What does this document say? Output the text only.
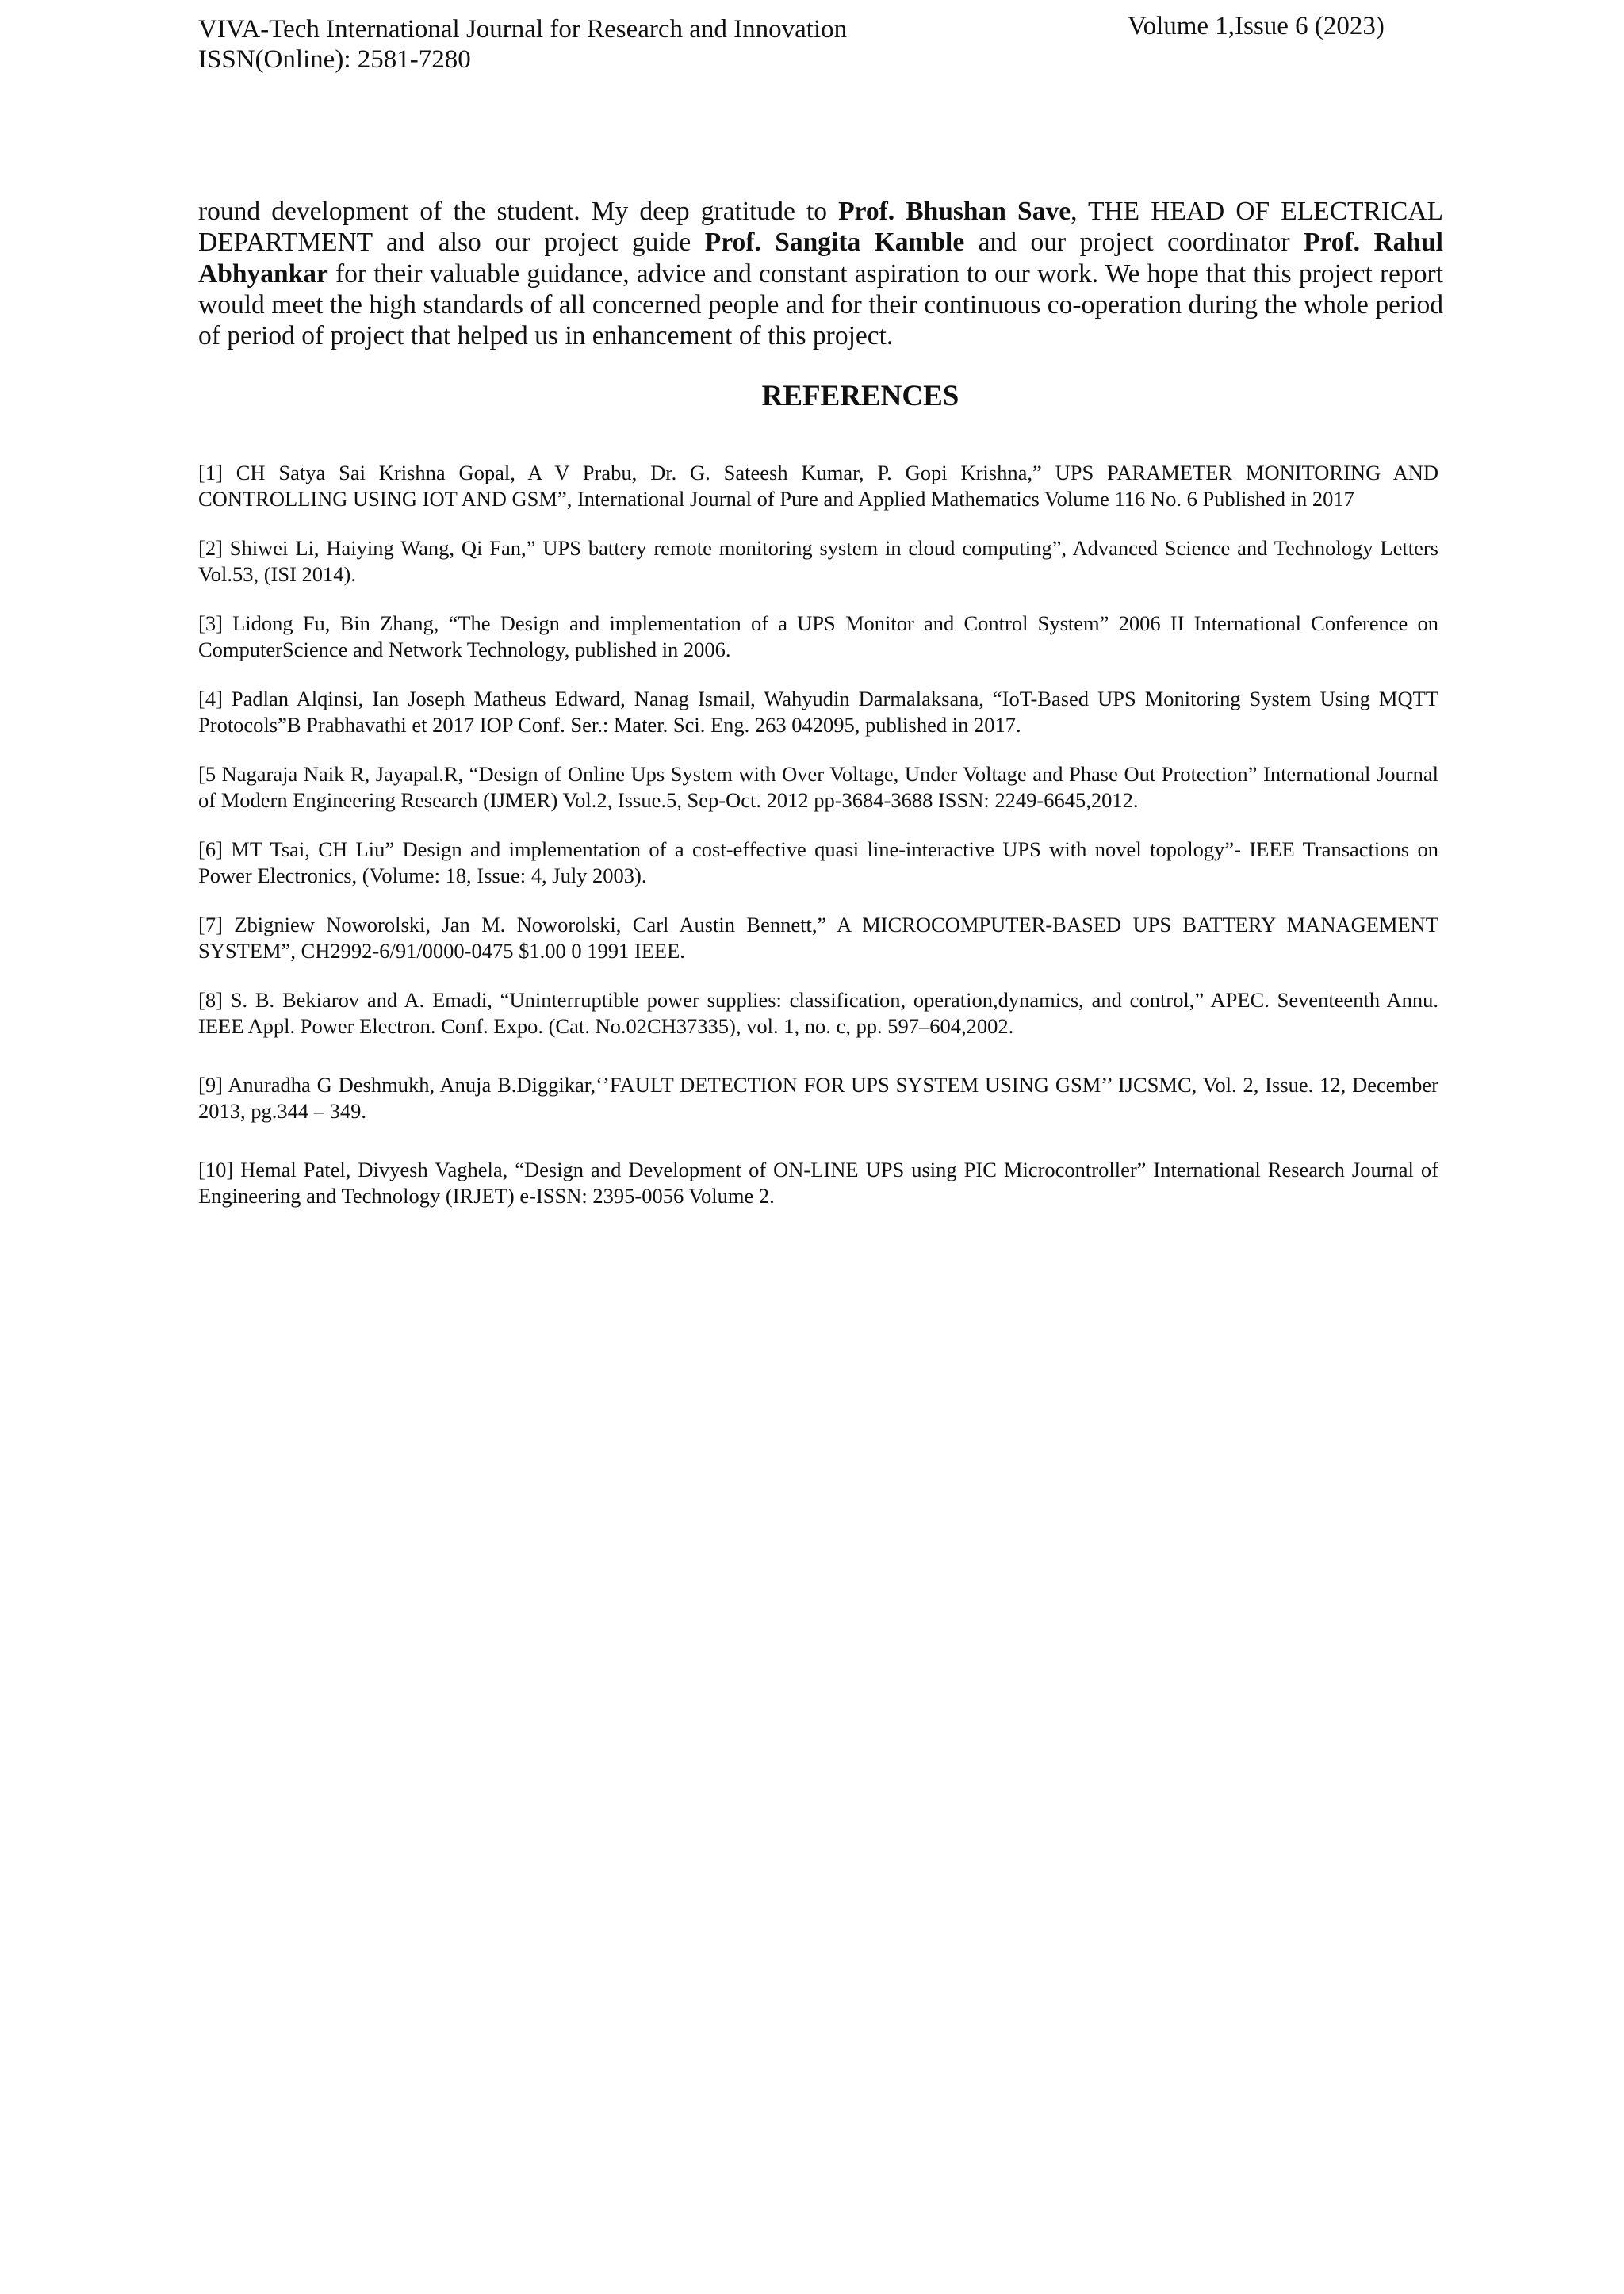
VIVA-Tech International Journal for Research and Innovation
ISSN(Online): 2581-7280
Volume 1,Issue 6 (2023)

round development of the student. My deep gratitude to Prof. Bhushan Save, THE HEAD OF ELECTRICAL DEPARTMENT and also our project guide Prof. Sangita Kamble and our project coordinator Prof. Rahul Abhyankar for their valuable guidance, advice and constant aspiration to our work. We hope that this project report would meet the high standards of all concerned people and for their continuous co-operation during the whole period of period of project that helped us in enhancement of this project.

REFERENCES
[1] CH Satya Sai Krishna Gopal, A V Prabu, Dr. G. Sateesh Kumar, P. Gopi Krishna,” UPS PARAMETER MONITORING AND CONTROLLING USING IOT AND GSM”, International Journal of Pure and Applied Mathematics Volume 116 No. 6 Published in 2017
[2] Shiwei Li, Haiying Wang, Qi Fan,” UPS battery remote monitoring system in cloud computing”, Advanced Science and Technology Letters Vol.53, (ISI 2014).
[3] Lidong Fu, Bin Zhang, “The Design and implementation of a UPS Monitor and Control System” 2006 II International Conference on ComputerScience and Network Technology, published in 2006.
[4] Padlan Alqinsi, Ian Joseph Matheus Edward, Nanag Ismail, Wahyudin Darmalaksana, “IoT-Based UPS Monitoring System Using MQTT Protocols”B Prabhavathi et 2017 IOP Conf. Ser.: Mater. Sci. Eng. 263 042095, published in 2017.
[5 Nagaraja Naik R, Jayapal.R, “Design of Online Ups System with Over Voltage, Under Voltage and Phase Out Protection” International Journal of Modern Engineering Research (IJMER) Vol.2, Issue.5, Sep-Oct. 2012 pp-3684-3688 ISSN: 2249-6645,2012.
[6] MT Tsai, CH Liu” Design and implementation of a cost-effective quasi line-interactive UPS with novel topology”- IEEE Transactions on Power Electronics, (Volume: 18, Issue: 4, July 2003).
[7] Zbigniew Noworolski, Jan M. Noworolski, Carl Austin Bennett,” A MICROCOMPUTER-BASED UPS BATTERY MANAGEMENT SYSTEM”, CH2992-6/91/0000-0475 $1.00 0 1991 IEEE.
[8] S. B. Bekiarov and A. Emadi, “Uninterruptible power supplies: classification, operation,dynamics, and control,” APEC. Seventeenth Annu. IEEE Appl. Power Electron. Conf. Expo. (Cat. No.02CH37335), vol. 1, no. c, pp. 597–604,2002.
[9] Anuradha G Deshmukh, Anuja B.Diggikar,‘’FAULT DETECTION FOR UPS SYSTEM USING GSM’’ IJCSMC, Vol. 2, Issue. 12, December 2013, pg.344 – 349.
[10] Hemal Patel, Divyesh Vaghela, “Design and Development of ON-LINE UPS using PIC Microcontroller” International Research Journal of Engineering and Technology (IRJET) e-ISSN: 2395-0056 Volume 2.
